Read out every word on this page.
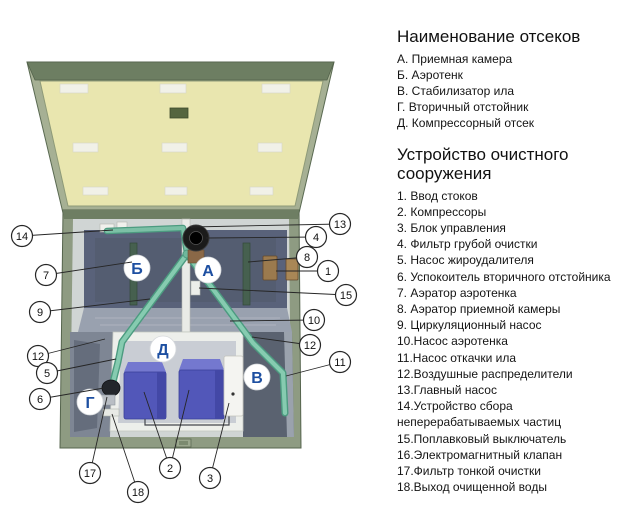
Б	А
Д
Г
В
14
7
9
12
5
6
17
18
2
3
13
4
8
1
15
10
12
11
Наименование отсеков
А. Приемная камера
Б. Аэротенк
В. Стабилизатор ила
Г. Вторичный отстойник
Д. Компрессорный отсек
Устройство очистного сооружения
1. Ввод стоков
2. Компрессоры
3. Блок управления
4. Фильтр грубой очистки
5. Насос жироудалителя
6. Успокоитель вторичного отстойника
7. Аэратор аэротенка
8. Аэратор приемной камеры
9. Циркуляционный насос
10.Насос аэротенка
11.Насос откачки ила
12.Воздушные распределители
13.Главный насос
14.Устройство сбора неперерабатываемых частиц
15.Поплавковый выключатель
16.Электромагнитный клапан
17.Фильтр тонкой очистки
18.Выход очищенной воды
